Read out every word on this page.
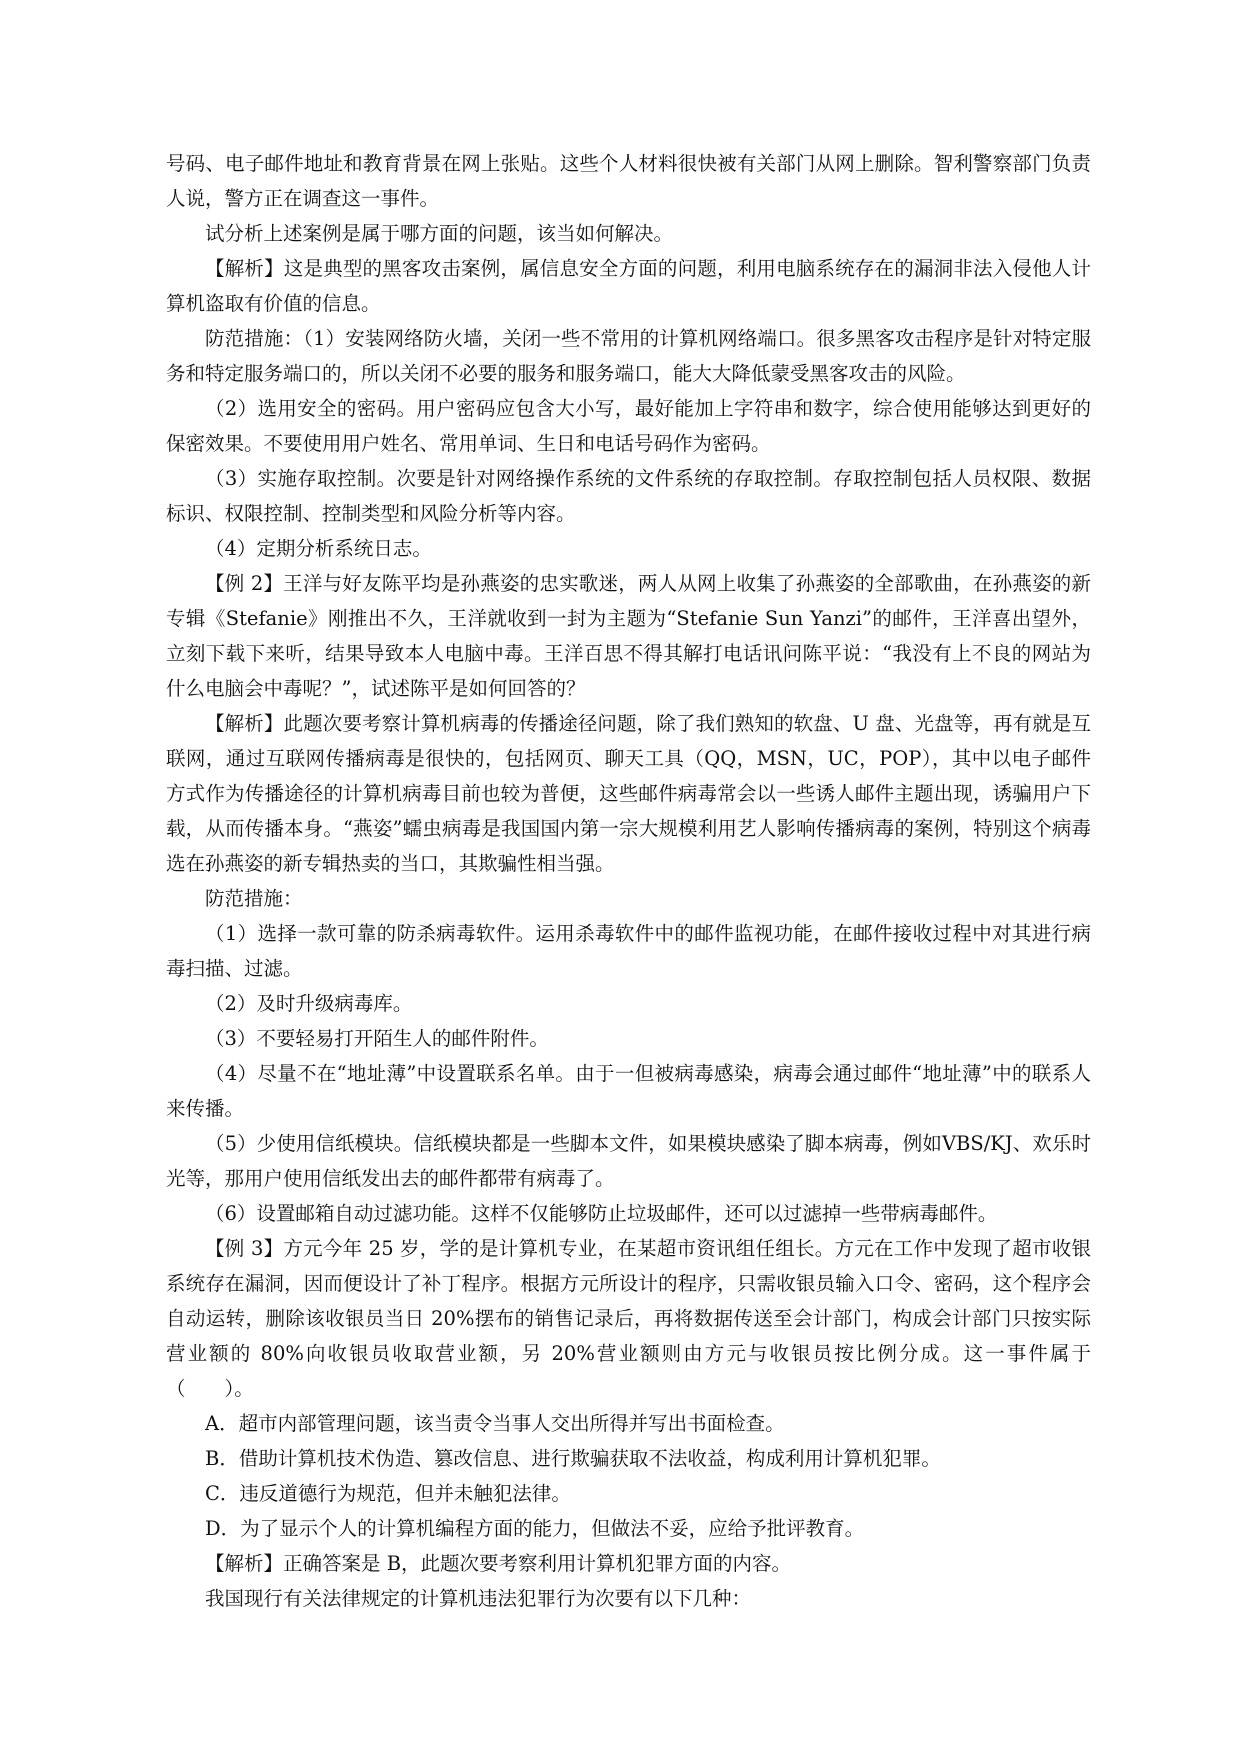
号码、电子邮件地址和教育背景在网上张贴。这些个人材料很快被有关部门从网上删除。智利警察部门负责人说，警方正在调查这一事件。

试分析上述案例是属于哪方面的问题，该当如何解决。

【解析】这是典型的黑客攻击案例，属信息安全方面的问题，利用电脑系统存在的漏洞非法入侵他人计算机盗取有价值的信息。

防范措施：（1）安装网络防火墙，关闭一些不常用的计算机网络端口。很多黑客攻击程序是针对特定服务和特定服务端口的，所以关闭不必要的服务和服务端口，能大大降低蒙受黑客攻击的风险。

（2）选用安全的密码。用户密码应包含大小写，最好能加上字符串和数字，综合使用能够达到更好的保密效果。不要使用用户姓名、常用单词、生日和电话号码作为密码。

（3）实施存取控制。次要是针对网络操作系统的文件系统的存取控制。存取控制包括人员权限、数据标识、权限控制、控制类型和风险分析等内容。

（4）定期分析系统日志。

【例 2】王洋与好友陈平均是孙燕姿的忠实歌迷，两人从网上收集了孙燕姿的全部歌曲，在孙燕姿的新专辑《Stefanie》刚推出不久，王洋就收到一封为主题为“Stefanie Sun Yanzi”的邮件，王洋喜出望外，立刻下载下来听，结果导致本人电脑中毒。王洋百思不得其解打电话讯问陈平说：“我没有上不良的网站为什么电脑会中毒呢？”，试述陈平是如何回答的？

【解析】此题次要考察计算机病毒的传播途径问题，除了我们熟知的软盘、U 盘、光盘等，再有就是互联网，通过互联网传播病毒是很快的，包括网页、聊天工具（QQ，MSN，UC，POP），其中以电子邮件方式作为传播途径的计算机病毒目前也较为普便，这些邮件病毒常会以一些诱人邮件主题出现，诱骗用户下载，从而传播本身。“燕姿”蠕虫病毒是我国国内第一宗大规模利用艺人影响传播病毒的案例，特别这个病毒选在孙燕姿的新专辑热卖的当口，其欺骗性相当强。

防范措施：

（1）选择一款可靠的防杀病毒软件。运用杀毒软件中的邮件监视功能，在邮件接收过程中对其进行病毒扫描、过滤。

（2）及时升级病毒库。

（3）不要轻易打开陌生人的邮件附件。

（4）尽量不在“地址薄”中设置联系名单。由于一但被病毒感染，病毒会通过邮件“地址薄”中的联系人来传播。

（5）少使用信纸模块。信纸模块都是一些脚本文件，如果模块感染了脚本病毒，例如VBS/KJ、欢乐时光等，那用户使用信纸发出去的邮件都带有病毒了。

（6）设置邮箱自动过滤功能。这样不仅能够防止垃圾邮件，还可以过滤掉一些带病毒邮件。

【例 3】方元今年 25 岁，学的是计算机专业，在某超市资讯组任组长。方元在工作中发现了超市收银系统存在漏洞，因而便设计了补丁程序。根据方元所设计的程序，只需收银员输入口令、密码，这个程序会自动运转，删除该收银员当日 20%摆布的销售记录后，再将数据传送至会计部门，构成会计部门只按实际营业额的 80%向收银员收取营业额，另 20%营业额则由方元与收银员按比例分成。这一事件属于（　　）。

A．超市内部管理问题，该当责令当事人交出所得并写出书面检查。

B．借助计算机技术伪造、篡改信息、进行欺骗获取不法收益，构成利用计算机犯罪。

C．违反道德行为规范，但并未触犯法律。

D．为了显示个人的计算机编程方面的能力，但做法不妥，应给予批评教育。

【解析】正确答案是 B，此题次要考察利用计算机犯罪方面的内容。

我国现行有关法律规定的计算机违法犯罪行为次要有以下几种：
